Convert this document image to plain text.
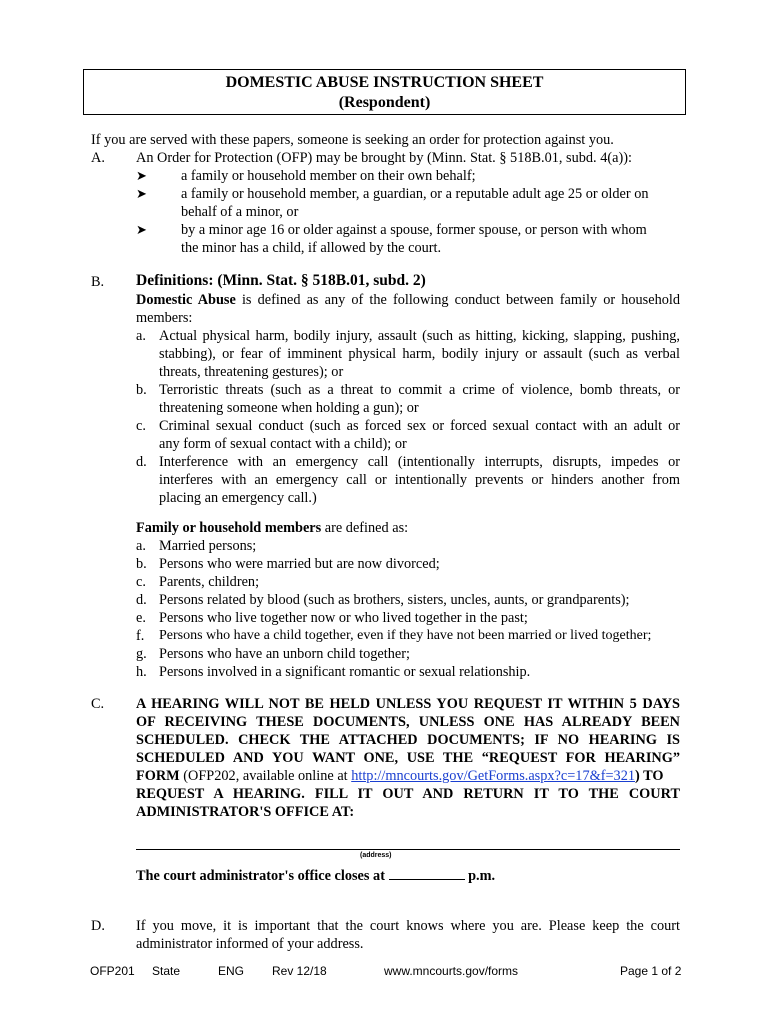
DOMESTIC ABUSE INSTRUCTION SHEET
(Respondent)
If you are served with these papers, someone is seeking an order for protection against you.
A. An Order for Protection (OFP) may be brought by (Minn. Stat. § 518B.01, subd. 4(a)):
➤ a family or household member on their own behalf;
➤ a family or household member, a guardian, or a reputable adult age 25 or older on
behalf of a minor, or
➤ by a minor age 16 or older against a spouse, former spouse, or person with whom
the minor has a child, if allowed by the court.
B. Definitions: (Minn. Stat. § 518B.01, subd. 2)
Domestic Abuse is defined as any of the following conduct between family or household
members:
a. Actual physical harm, bodily injury, assault (such as hitting, kicking, slapping, pushing,
stabbing), or fear of imminent physical harm, bodily injury or assault (such as verbal
threats, threatening gestures); or
b. Terroristic threats (such as a threat to commit a crime of violence, bomb threats, or
threatening someone when holding a gun); or
c. Criminal sexual conduct (such as forced sex or forced sexual contact with an adult or
any form of sexual contact with a child); or
d. Interference with an emergency call (intentionally interrupts, disrupts, impedes or
interferes with an emergency call or intentionally prevents or hinders another from
placing an emergency call.)
Family or household members are defined as:
a. Married persons;
b. Persons who were married but are now divorced;
c. Parents, children;
d. Persons related by blood (such as brothers, sisters, uncles, aunts, or grandparents);
e. Persons who live together now or who lived together in the past;
f. Persons who have a child together, even if they have not been married or lived together;
g. Persons who have an unborn child together;
h. Persons involved in a significant romantic or sexual relationship.
C. A HEARING WILL NOT BE HELD UNLESS YOU REQUEST IT WITHIN 5 DAYS
OF RECEIVING THESE DOCUMENTS, UNLESS ONE HAS ALREADY BEEN
SCHEDULED. CHECK THE ATTACHED DOCUMENTS; IF NO HEARING IS
SCHEDULED AND YOU WANT ONE, USE THE “REQUEST FOR HEARING”
FORM (OFP202, available online at http://mncourts.gov/GetForms.aspx?c=17&f=321) TO
REQUEST A HEARING. FILL IT OUT AND RETURN IT TO THE COURT
ADMINISTRATOR'S OFFICE AT:
(address)
The court administrator's office closes at	p.m.
D. If you move, it is important that the court knows where you are. Please keep the court
administrator informed of your address.
OFP201 State	ENG Rev 12/18	www.mncourts.gov/forms	Page 1 of 2
